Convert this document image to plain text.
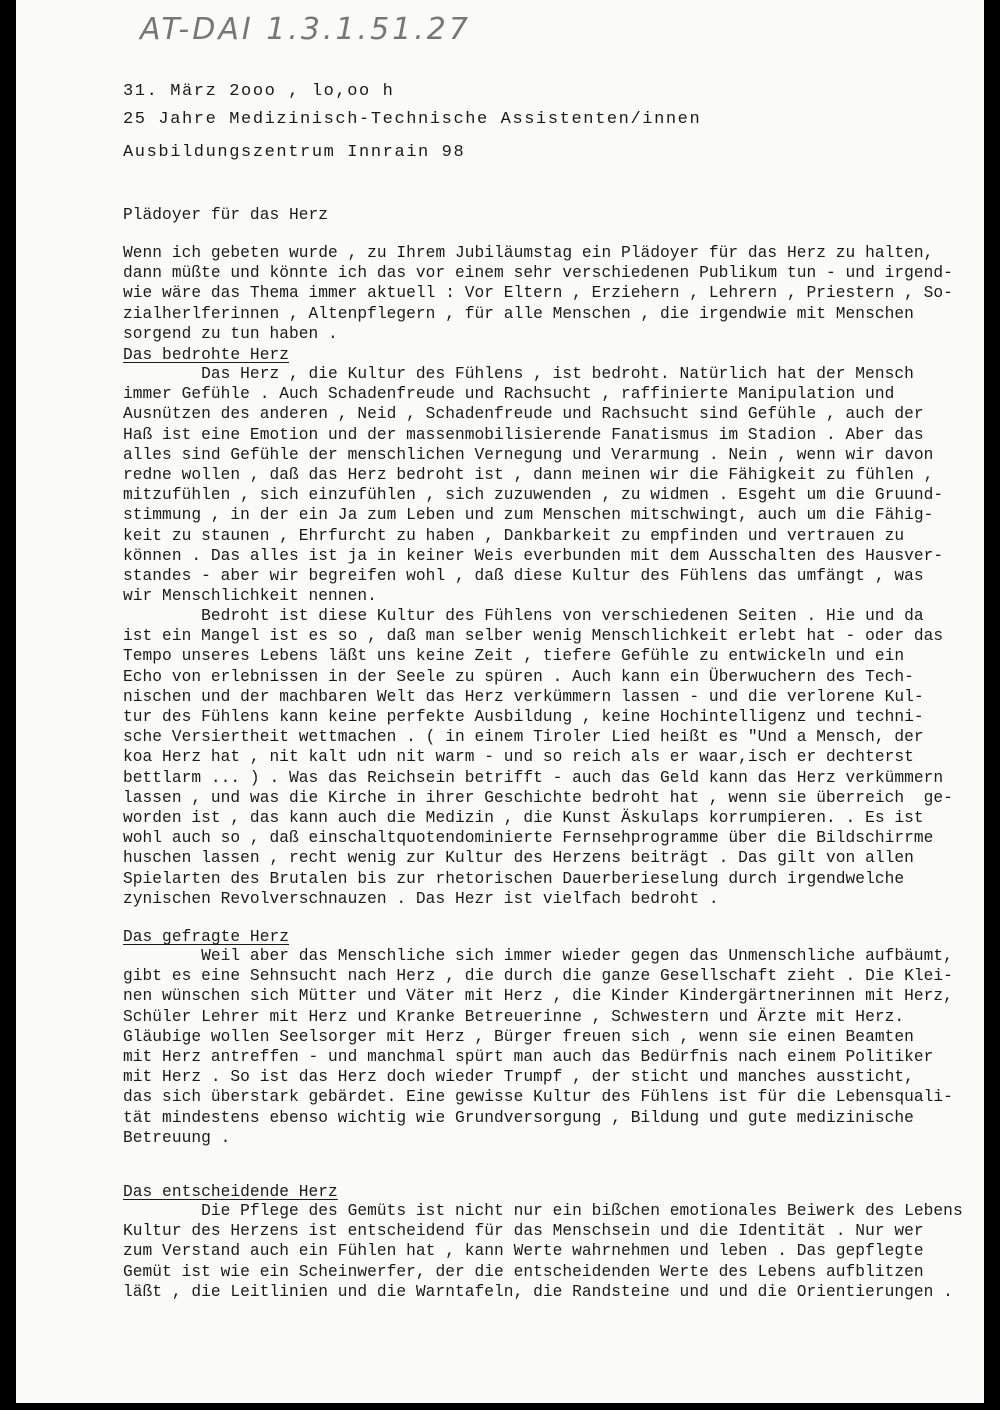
AT-DAI 1.3.1.51.27
31. März 2ooo , lo,oo h
25 Jahre Medizinisch-Technische Assistenten/innen
Ausbildungszentrum Innrain 98
Plädoyer für das Herz
Wenn ich gebeten wurde , zu Ihrem Jubiläumstag ein Plädoyer für das Herz zu halten,
dann müßte und könnte ich das vor einem sehr verschiedenen Publikum tun - und irgend-
wie wäre das Thema immer aktuell : Vor Eltern , Erziehern , Lehrern , Priestern , So-
zialherlferinnen , Altenpflegern , für alle Menschen , die irgendwie mit Menschen
sorgend zu tun haben .
Das bedrohte Herz
Das Herz , die Kultur des Fühlens , ist bedroht. Natürlich hat der Mensch
immer Gefühle . Auch Schadenfreude und Rachsucht , raffinierte Manipulation und
Ausnützen des anderen , Neid , Schadenfreude und Rachsucht sind Gefühle , auch der
Haß ist eine Emotion und der massenmobilisierende Fanatismus im Stadion . Aber das
alles sind Gefühle der menschlichen Vernegung und Verarmung . Nein , wenn wir davon
redne wollen , daß das Herz bedroht ist , dann meinen wir die Fähigkeit zu fühlen ,
mitzufühlen , sich einzufühlen , sich zuzuwenden , zu widmen . Esgeht um die Gruund-
stimmung , in der ein Ja zum Leben und zum Menschen mitschwingt, auch um die Fähig-
keit zu staunen , Ehrfurcht zu haben , Dankbarkeit zu empfinden und vertrauen zu
können . Das alles ist ja in keiner Weis everbunden mit dem Ausschalten des Hausver-
standes - aber wir begreifen wohl , daß diese Kultur des Fühlens das umfängt , was
wir Menschlichkeit nennen.
Bedroht ist diese Kultur des Fühlens von verschiedenen Seiten . Hie und da
ist ein Mangel ist es so , daß man selber wenig Menschlichkeit erlebt hat - oder das
Tempo unseres Lebens läßt uns keine Zeit , tiefere Gefühle zu entwickeln und ein
Echo von erlebnissen in der Seele zu spüren . Auch kann ein Überwuchern des Tech-
nischen und der machbaren Welt das Herz verkümmern lassen - und die verlorene Kul-
tur des Fühlens kann keine perfekte Ausbildung , keine Hochintelligenz und techni-
sche Versiertheit wettmachen . ( in einem Tiroler Lied heißt es "Und a Mensch, der
koa Herz hat , nit kalt udn nit warm - und so reich als er waar,isch er dechterst
bettlarm ... ) . Was das Reichsein betrifft - auch das Geld kann das Herz verkümmern
lassen , und was die Kirche in ihrer Geschichte bedroht hat , wenn sie überreich  ge-
worden ist , das kann auch die Medizin , die Kunst Äskulaps korrumpieren. . Es ist
wohl auch so , daß einschaltquotendominierte Fernsehprogramme über die Bildschirrme
huschen lassen , recht wenig zur Kultur des Herzens beiträgt . Das gilt von allen
Spielarten des Brutalen bis zur rhetorischen Dauerberieselung durch irgendwelche
zynischen Revolverschnauzen . Das Hezr ist vielfach bedroht .
Das gefragte Herz
Weil aber das Menschliche sich immer wieder gegen das Unmenschliche aufbäumt,
gibt es eine Sehnsucht nach Herz , die durch die ganze Gesellschaft zieht . Die Klei-
nen wünschen sich Mütter und Väter mit Herz , die Kinder Kindergärtnerinnen mit Herz,
Schüler Lehrer mit Herz und Kranke Betreuerinne , Schwestern und Ärzte mit Herz.
Gläubige wollen Seelsorger mit Herz , Bürger freuen sich , wenn sie einen Beamten
mit Herz antreffen - und manchmal spürt man auch das Bedürfnis nach einem Politiker
mit Herz . So ist das Herz doch wieder Trumpf , der sticht und manches aussticht,
das sich überstark gebärdet. Eine gewisse Kultur des Fühlens ist für die Lebensquali-
tät mindestens ebenso wichtig wie Grundversorgung , Bildung und gute medizinische
Betreuung .
Das entscheidende Herz
Die Pflege des Gemüts ist nicht nur ein bißchen emotionales Beiwerk des Lebens
Kultur des Herzens ist entscheidend für das Menschsein und die Identität . Nur wer
zum Verstand auch ein Fühlen hat , kann Werte wahrnehmen und leben . Das gepflegte
Gemüt ist wie ein Scheinwerfer, der die entscheidenden Werte des Lebens aufblitzen
läßt , die Leitlinien und die Warntafeln, die Randsteine und und die Orientierungen .
